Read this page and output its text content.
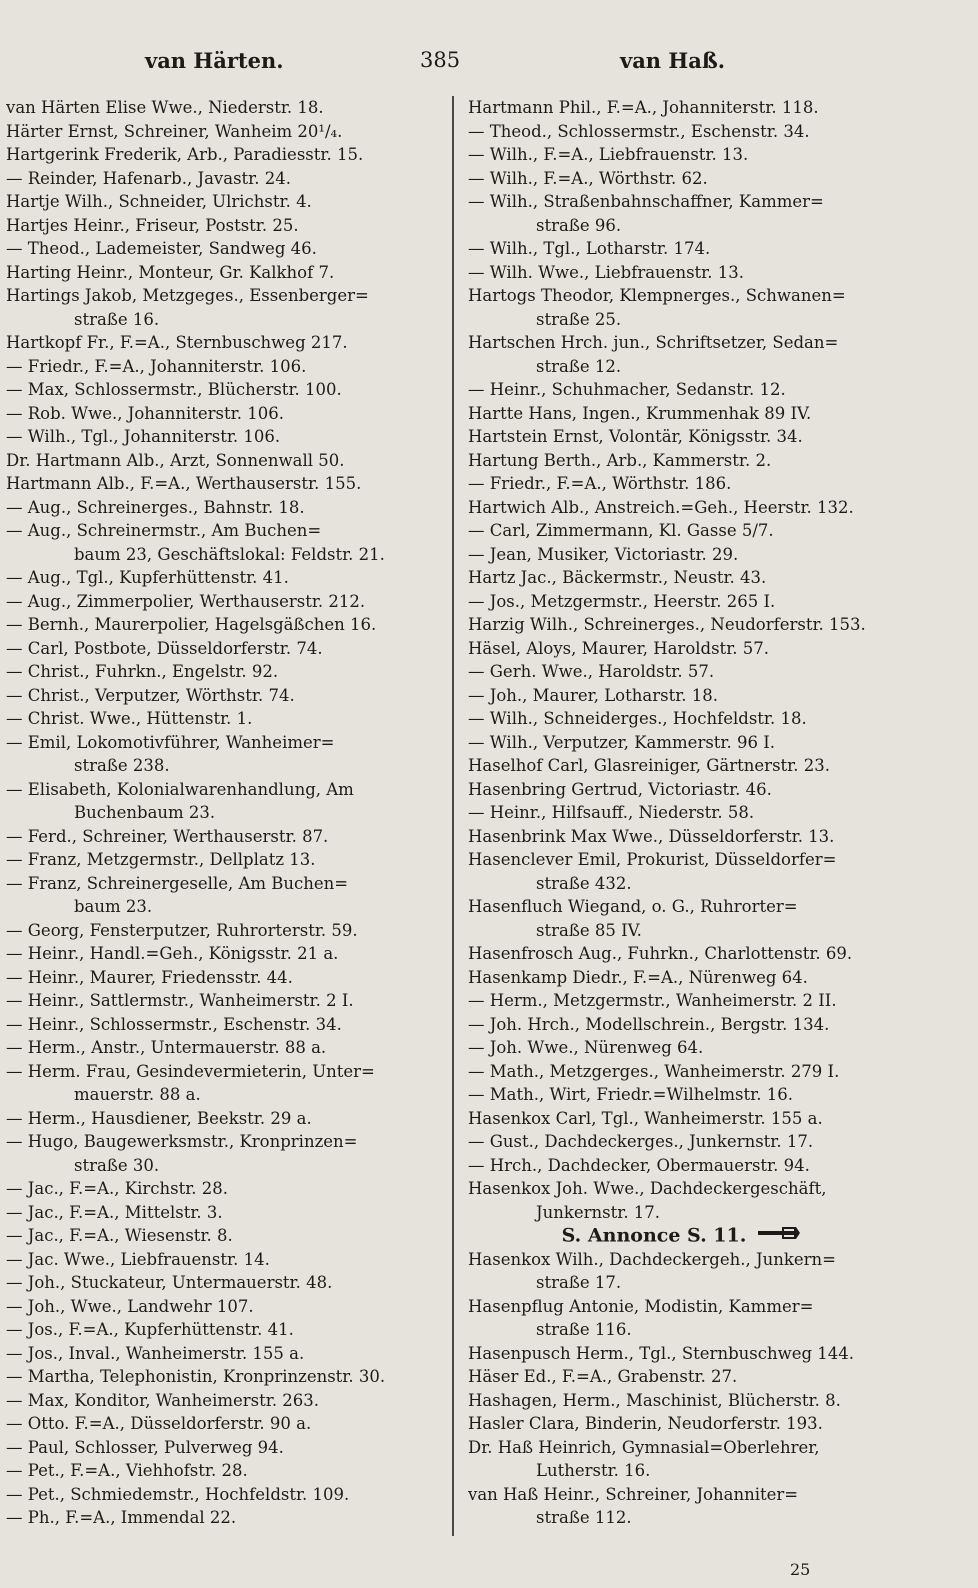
van Härten.	385	van Haß.
van Härten Elise Wwe., Niederstr. 18.
Härter Ernst, Schreiner, Wanheim 20¹/₄.
Hartgerink Frederik, Arb., Paradiesstr. 15.
— Reinder, Hafenarb., Javastr. 24.
Hartje Wilh., Schneider, Ulrichstr. 4.
Hartjes Heinr., Friseur, Poststr. 25.
— Theod., Lademeister, Sandweg 46.
Harting Heinr., Monteur, Gr. Kalkhof 7.
Hartings Jakob, Metzgeges., Essenberger=
straße 16.
Hartkopf Fr., F.=A., Sternbuschweg 217.
— Friedr., F.=A., Johanniterstr. 106.
— Max, Schlossermstr., Blücherstr. 100.
— Rob. Wwe., Johanniterstr. 106.
— Wilh., Tgl., Johanniterstr. 106.
Dr. Hartmann Alb., Arzt, Sonnenwall 50.
Hartmann Alb., F.=A., Werthauserstr. 155.
— Aug., Schreinerges., Bahnstr. 18.
— Aug., Schreinermstr., Am Buchen=
baum 23, Geschäftslokal: Feldstr. 21.
— Aug., Tgl., Kupferhüttenstr. 41.
— Aug., Zimmerpolier, Werthauserstr. 212.
— Bernh., Maurerpolier, Hagelsgäßchen 16.
— Carl, Postbote, Düsseldorferstr. 74.
— Christ., Fuhrkn., Engelstr. 92.
— Christ., Verputzer, Wörthstr. 74.
— Christ. Wwe., Hüttenstr. 1.
— Emil, Lokomotivführer, Wanheimer=
straße 238.
— Elisabeth, Kolonialwarenhandlung, Am
Buchenbaum 23.
— Ferd., Schreiner, Werthauserstr. 87.
— Franz, Metzgermstr., Dellplatz 13.
— Franz, Schreinergeselle, Am Buchen=
baum 23.
— Georg, Fensterputzer, Ruhrorterstr. 59.
— Heinr., Handl.=Geh., Königsstr. 21 a.
— Heinr., Maurer, Friedensstr. 44.
— Heinr., Sattlermstr., Wanheimerstr. 2 I.
— Heinr., Schlossermstr., Eschenstr. 34.
— Herm., Anstr., Untermauerstr. 88 a.
— Herm. Frau, Gesindevermieterin, Unter=
mauerstr. 88 a.
— Herm., Hausdiener, Beekstr. 29 a.
— Hugo, Baugewerksmstr., Kronprinzen=
straße 30.
— Jac., F.=A., Kirchstr. 28.
— Jac., F.=A., Mittelstr. 3.
— Jac., F.=A., Wiesenstr. 8.
— Jac. Wwe., Liebfrauenstr. 14.
— Joh., Stuckateur, Untermauerstr. 48.
— Joh., Wwe., Landwehr 107.
— Jos., F.=A., Kupferhüttenstr. 41.
— Jos., Inval., Wanheimerstr. 155 a.
— Martha, Telephonistin, Kronprinzenstr. 30.
— Max, Konditor, Wanheimerstr. 263.
— Otto. F.=A., Düsseldorferstr. 90 a.
— Paul, Schlosser, Pulverweg 94.
— Pet., F.=A., Viehhofstr. 28.
— Pet., Schmiedemstr., Hochfeldstr. 109.
— Ph., F.=A., Immendal 22.
Hartmann Phil., F.=A., Johanniterstr. 118.
— Theod., Schlossermstr., Eschenstr. 34.
— Wilh., F.=A., Liebfrauenstr. 13.
— Wilh., F.=A., Wörthstr. 62.
— Wilh., Straßenbahnschaffner, Kammer=
straße 96.
— Wilh., Tgl., Lotharstr. 174.
— Wilh. Wwe., Liebfrauenstr. 13.
Hartogs Theodor, Klempnerges., Schwanen=
straße 25.
Hartschen Hrch. jun., Schriftsetzer, Sedan=
straße 12.
— Heinr., Schuhmacher, Sedanstr. 12.
Hartte Hans, Ingen., Krummenhak 89 IV.
Hartstein Ernst, Volontär, Königsstr. 34.
Hartung Berth., Arb., Kammerstr. 2.
— Friedr., F.=A., Wörthstr. 186.
Hartwich Alb., Anstreich.=Geh., Heerstr. 132.
— Carl, Zimmermann, Kl. Gasse 5/7.
— Jean, Musiker, Victoriastr. 29.
Hartz Jac., Bäckermstr., Neustr. 43.
— Jos., Metzgermstr., Heerstr. 265 I.
Harzig Wilh., Schreinerges., Neudorferstr. 153.
Häsel, Aloys, Maurer, Haroldstr. 57.
— Gerh. Wwe., Haroldstr. 57.
— Joh., Maurer, Lotharstr. 18.
— Wilh., Schneiderges., Hochfeldstr. 18.
— Wilh., Verputzer, Kammerstr. 96 I.
Haselhof Carl, Glasreiniger, Gärtnerstr. 23.
Hasenbring Gertrud, Victoriastr. 46.
— Heinr., Hilfsauff., Niederstr. 58.
Hasenbrink Max Wwe., Düsseldorferstr. 13.
Hasenclever Emil, Prokurist, Düsseldorfer=
straße 432.
Hasenfluch Wiegand, o. G., Ruhrorter=
straße 85 IV.
Hasenfrosch Aug., Fuhrkn., Charlottenstr. 69.
Hasenkamp Diedr., F.=A., Nürenweg 64.
— Herm., Metzgermstr., Wanheimerstr. 2 II.
— Joh. Hrch., Modellschrein., Bergstr. 134.
— Joh. Wwe., Nürenweg 64.
— Math., Metzgerges., Wanheimerstr. 279 I.
— Math., Wirt, Friedr.=Wilhelmstr. 16.
Hasenkox Carl, Tgl., Wanheimerstr. 155 a.
— Gust., Dachdeckerges., Junkernstr. 17.
— Hrch., Dachdecker, Obermauerstr. 94.
Hasenkox Joh. Wwe., Dachdeckergeschäft,
Junkernstr. 17.
S. Annonce S. 11.
Hasenkox Wilh., Dachdeckergeh., Junkern=
straße 17.
Hasenpflug Antonie, Modistin, Kammer=
straße 116.
Hasenpusch Herm., Tgl., Sternbuschweg 144.
Häser Ed., F.=A., Grabenstr. 27.
Hashagen, Herm., Maschinist, Blücherstr. 8.
Hasler Clara, Binderin, Neudorferstr. 193.
Dr. Haß Heinrich, Gymnasial=Oberlehrer,
Lutherstr. 16.
van Haß Heinr., Schreiner, Johanniter=
straße 112.
25
